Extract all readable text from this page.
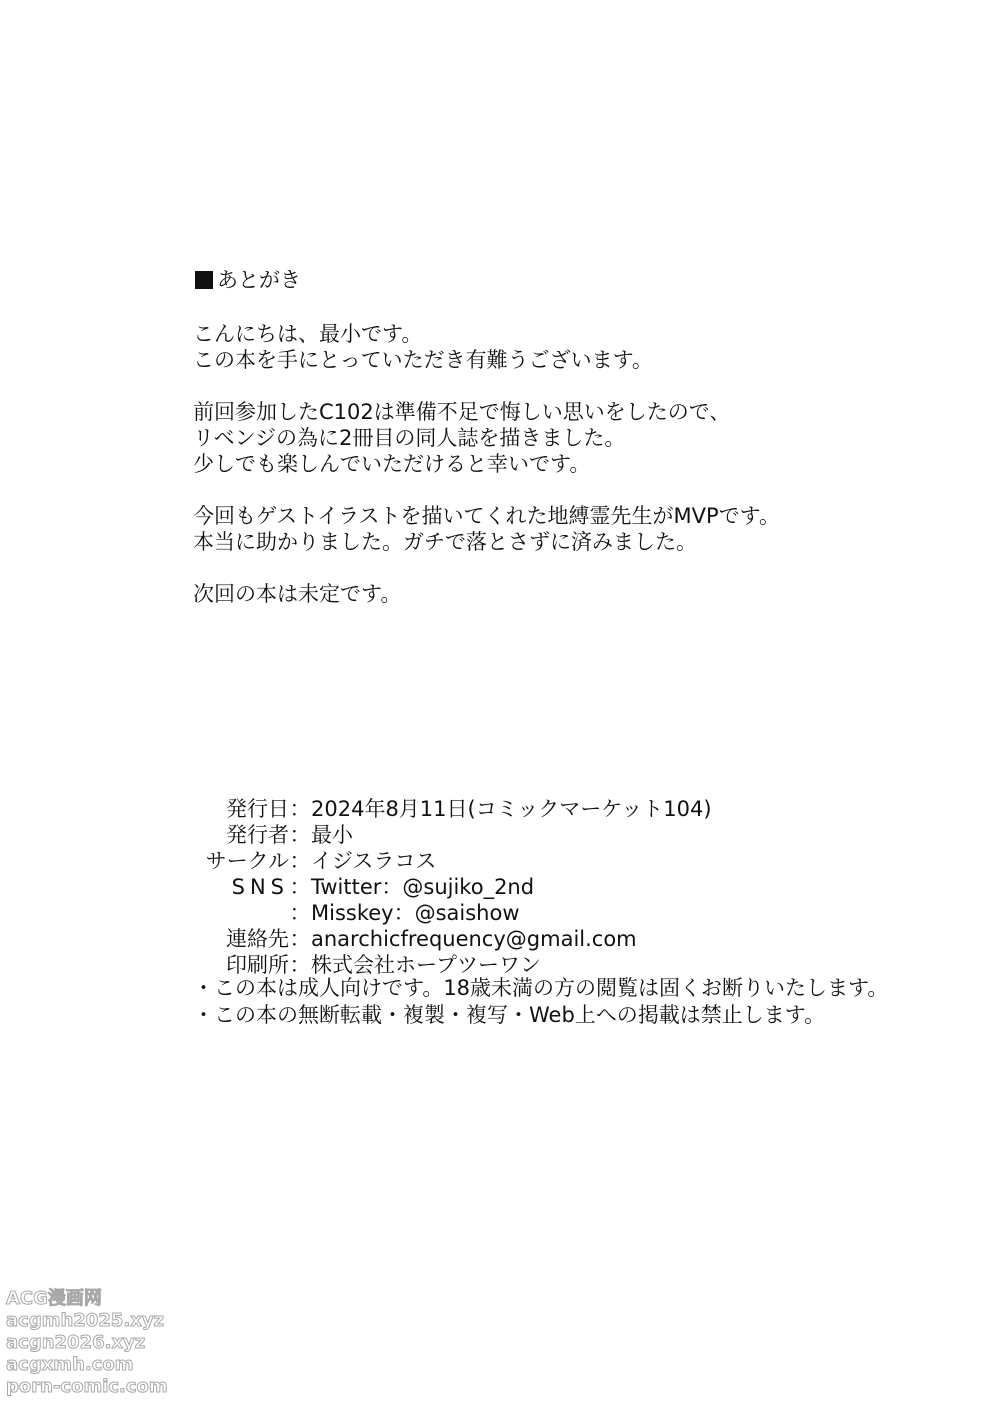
あとがき
こんにちは、最小です。
この本を手にとっていただき有難うございます。
前回参加したC102は準備不足で悔しい思いをしたので、
リベンジの為に2冊目の同人誌を描きました。
少しでも楽しんでいただけると幸いです。
今回もゲストイラストを描いてくれた地縛霊先生がMVPです。
本当に助かりました。ガチで落とさずに済みました。
次回の本は未定です。
発行日 ： 2024年8月11日(コミックマーケット104)
発行者 ： 最小
サークル ： イジスラコス
SNS ： Twitter：@sujiko_2nd
： Misskey：@saishow
連絡先 ： anarchicfrequency@gmail.com
印刷所 ： 株式会社ホープツーワン
・この本は成人向けです。18歳未満の方の閲覧は固くお断りいたします。
・この本の無断転載・複製・複写・Web上への掲載は禁止します。
ACG漫画网
acgmh2025.xyz
acgn2026.xyz
acgxmh.com
porn-comic.com
